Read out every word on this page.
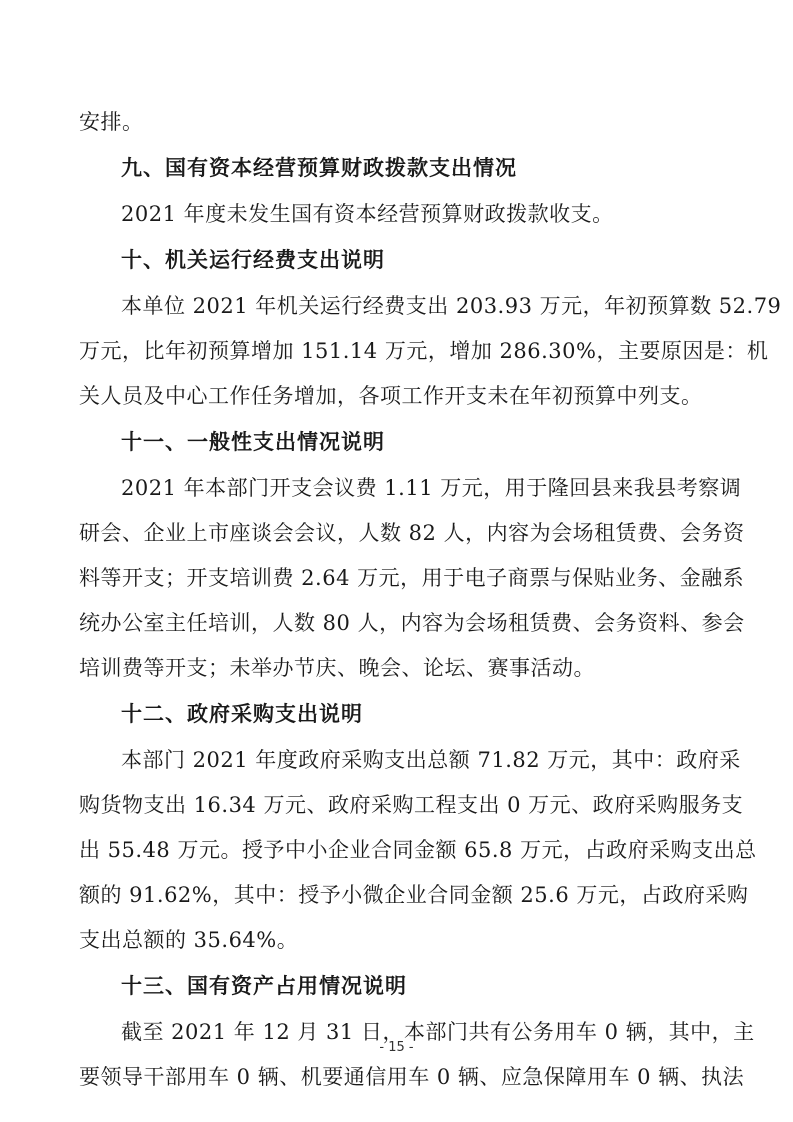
安排。
九、国有资本经营预算财政拨款支出情况
2021 年度未发生国有资本经营预算财政拨款收支。
十、机关运行经费支出说明
本单位 2021 年机关运行经费支出 203.93 万元，年初预算数 52.79
万元，比年初预算增加 151.14 万元，增加 286.30%，主要原因是：机
关人员及中心工作任务增加，各项工作开支未在年初预算中列支。
十一、一般性支出情况说明
2021 年本部门开支会议费 1.11 万元，用于隆回县来我县考察调
研会、企业上市座谈会会议，人数 82 人，内容为会场租赁费、会务资
料等开支；开支培训费 2.64 万元，用于电子商票与保贴业务、金融系
统办公室主任培训，人数 80 人，内容为会场租赁费、会务资料、参会
培训费等开支；未举办节庆、晚会、论坛、赛事活动。
十二、政府采购支出说明
本部门 2021 年度政府采购支出总额 71.82 万元，其中：政府采
购货物支出 16.34 万元、政府采购工程支出 0 万元、政府采购服务支
出 55.48 万元。授予中小企业合同金额 65.8 万元，占政府采购支出总
额的 91.62%，其中：授予小微企业合同金额 25.6 万元，占政府采购
支出总额的 35.64%。
十三、国有资产占用情况说明
截至 2021 年 12 月 31 日，本部门共有公务用车 0 辆，其中，主
要领导干部用车 0 辆、机要通信用车 0 辆、应急保障用车 0 辆、执法
- 15 -
